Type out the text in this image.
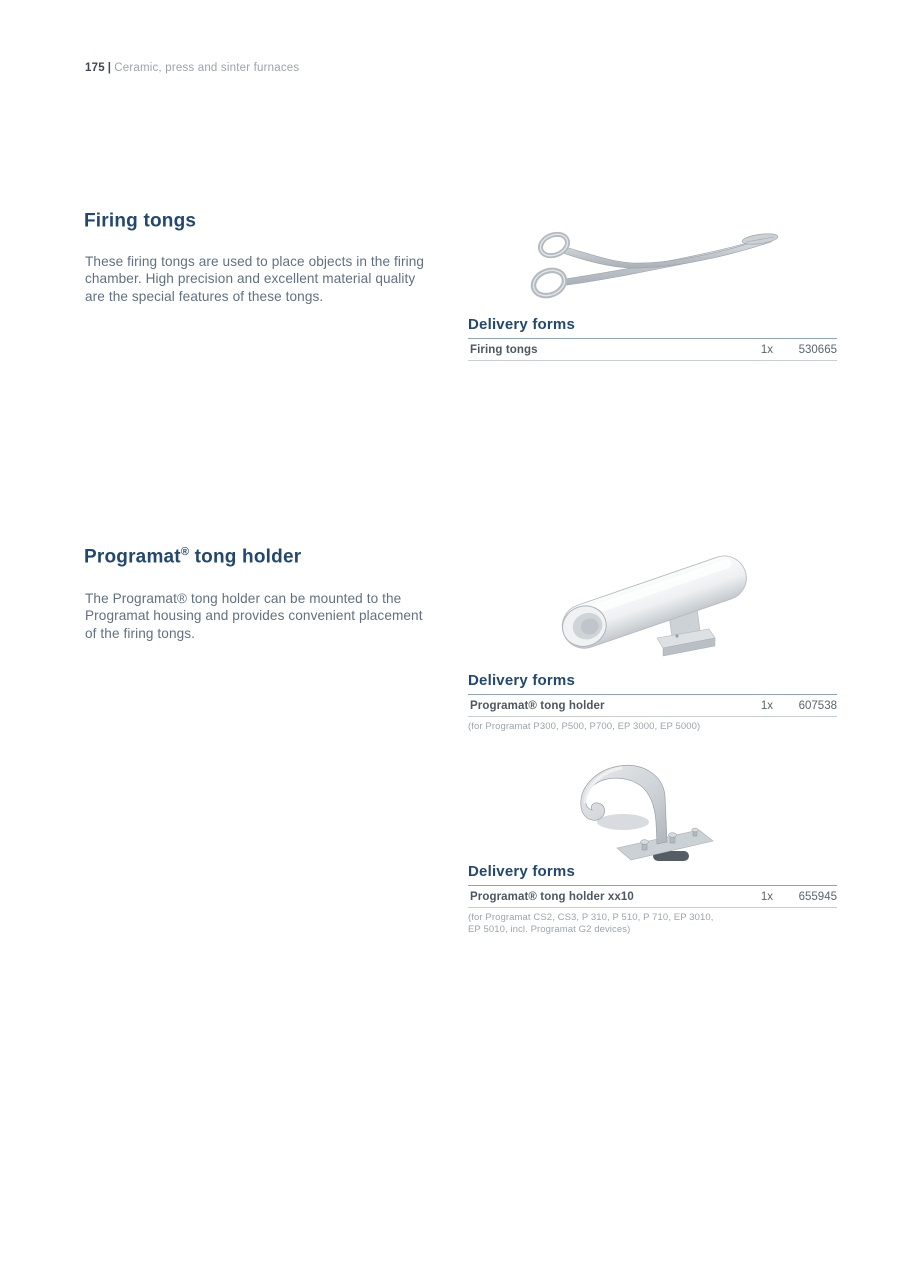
175 | Ceramic, press and sinter furnaces
Firing tongs
These firing tongs are used to place objects in the firing
chamber. High precision and excellent material quality
are the special features of these tongs.
Delivery forms
Firing tongs	1x	530665
Programat® tong holder
The Programat® tong holder can be mounted to the
Programat housing and provides convenient placement
of the firing tongs.
Delivery forms
Programat® tong holder	1x	607538
(for Programat P300, P500, P700, EP 3000, EP 5000)
Delivery forms
Programat® tong holder xx10	1x	655945
(for Programat CS2, CS3, P 310, P 510, P 710, EP 3010, EP 5010, incl. Programat G2 devices)
